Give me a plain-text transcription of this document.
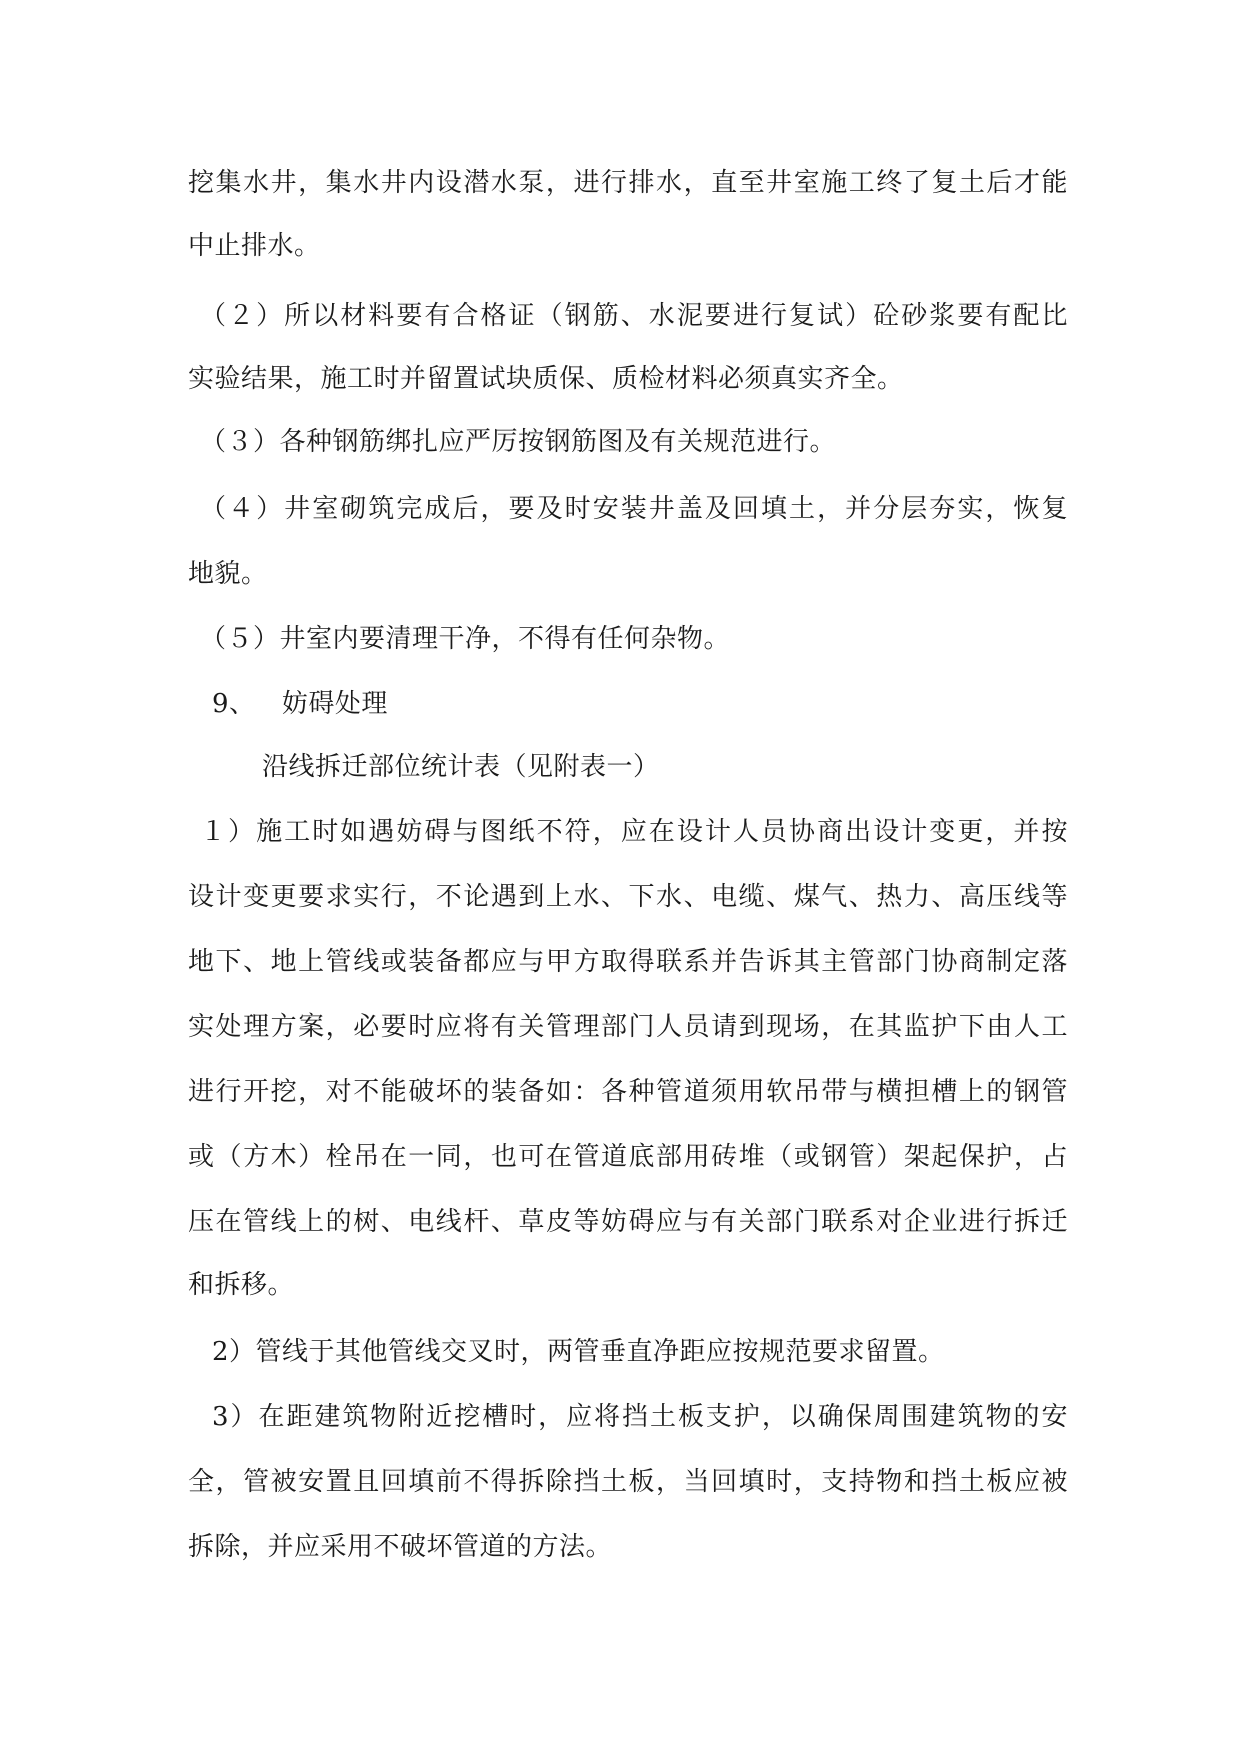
挖集水井，集水井内设潜水泵，进行排水，直至井室施工终了复土后才能
中止排水。
（２）所以材料要有合格证（钢筋、水泥要进行复试）砼砂浆要有配比
实验结果，施工时并留置试块质保、质检材料必须真实齐全。
（３）各种钢筋绑扎应严厉按钢筋图及有关规范进行。
（４）井室砌筑完成后，要及时安装井盖及回填土，并分层夯实，恢复
地貌。
（５）井室内要清理干净，不得有任何杂物。
9、   妨碍处理
沿线拆迁部位统计表（见附表一）
１）施工时如遇妨碍与图纸不符，应在设计人员协商出设计变更，并按
设计变更要求实行，不论遇到上水、下水、电缆、煤气、热力、高压线等
地下、地上管线或装备都应与甲方取得联系并告诉其主管部门协商制定落
实处理方案，必要时应将有关管理部门人员请到现场，在其监护下由人工
进行开挖，对不能破坏的装备如：各种管道须用软吊带与横担槽上的钢管
或（方木）栓吊在一同，也可在管道底部用砖堆（或钢管）架起保护，占
压在管线上的树、电线杆、草皮等妨碍应与有关部门联系对企业进行拆迁
和拆移。
2）管线于其他管线交叉时，两管垂直净距应按规范要求留置。
3）在距建筑物附近挖槽时，应将挡土板支护，以确保周围建筑物的安
全，管被安置且回填前不得拆除挡土板，当回填时，支持物和挡土板应被
拆除，并应采用不破坏管道的方法。
